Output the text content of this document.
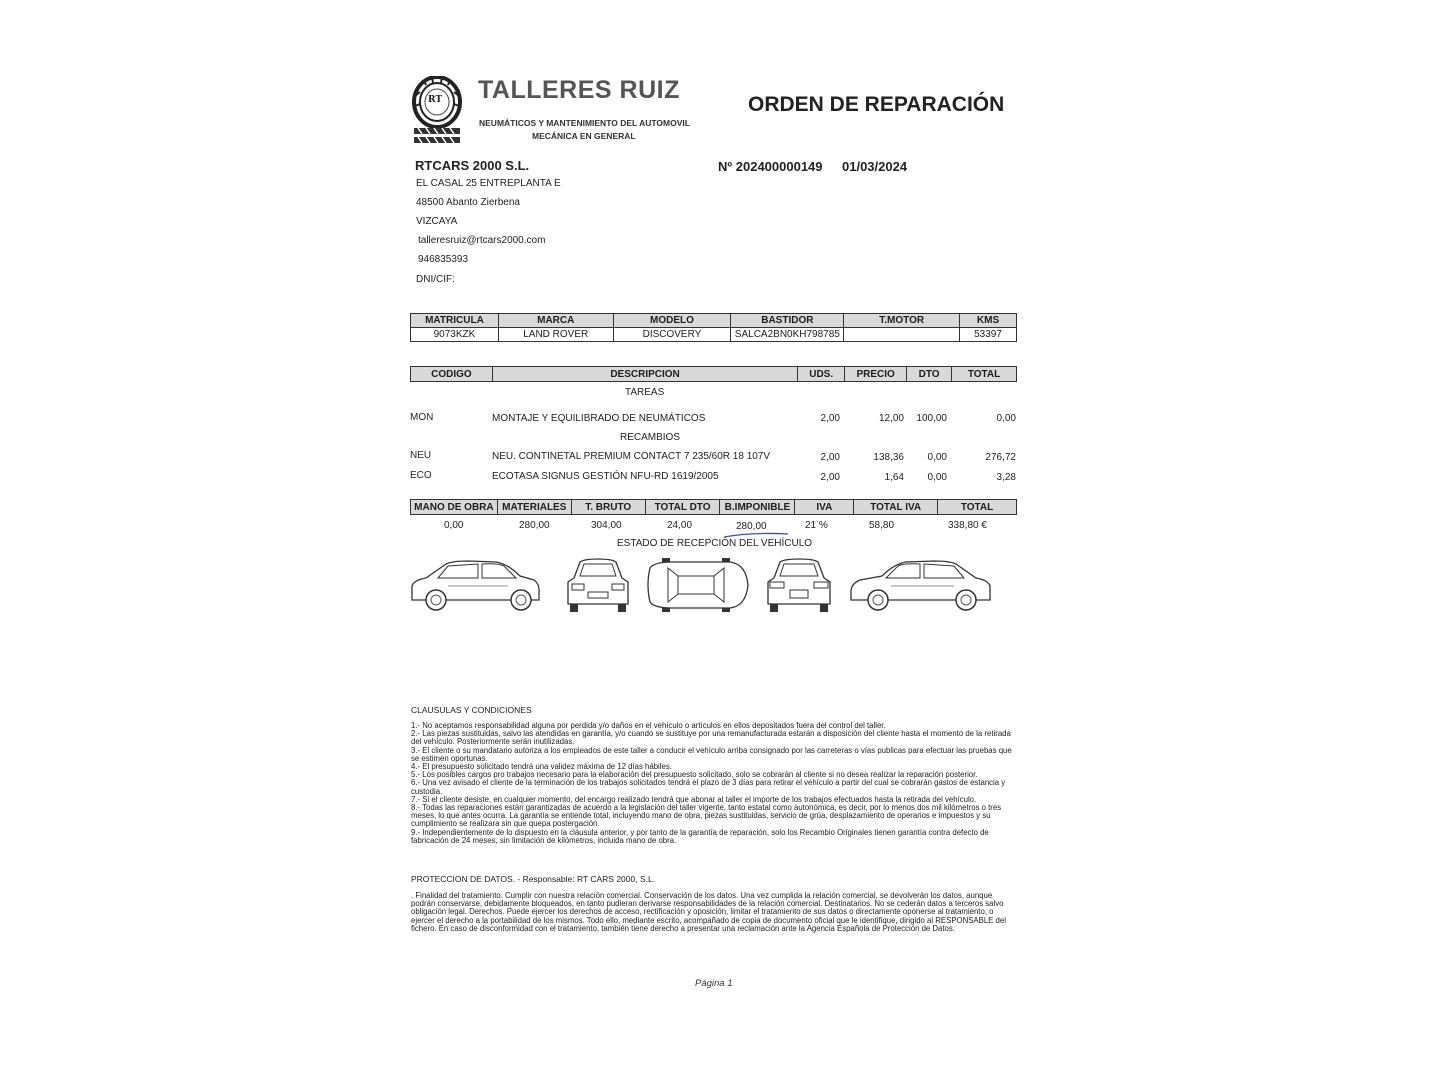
RT TALLERES RUIZ
NEUMÁTICOS Y MANTENIMIENTO DEL AUTOMOVIL
MECÁNICA EN GENERAL
ORDEN DE REPARACIÓN
RTCARS 2000 S.L.	Nº 202400000149 01/03/2024
EL CASAL 25 ENTREPLANTA E
48500 Abanto Zierbena
VIZCAYA
talleresruiz@rtcars2000.com
946835393
DNI/CIF:
MATRICULA	MARCA	MODELO	BASTIDOR	T.MOTOR	KMS
9073KZK	LAND ROVER	DISCOVERY	SALCA2BN0KH798785		53397
CODIGO	DESCRIPCION	UDS.	PRECIO	DTO	TOTAL
TAREAS
MON	MONTAJE Y EQUILIBRADO DE NEUMÁTICOS	2,00	12,00	100,00	0,00
RECAMBIOS
NEU	NEU. CONTINETAL PREMIUM CONTACT 7 235/60R 18 107V	2,00	138,36	0,00	276,72
ECO	ECOTASA SIGNUS GESTIÓN NFU-RD 1619/2005	2,00	1,64	0,00	3,28
MANO DE OBRA	MATERIALES	T. BRUTO	TOTAL DTO	B.IMPONIBLE	IVA	TOTAL IVA	TOTAL
0,00	280,00	304,00	24,00	280,00	21 %	58,80	338,80 €
ESTADO DE RECEPCIÓN DEL VEHÍCULO
CLAUSULAS Y CONDICIONES

1.- No aceptamos responsabilidad alguna por perdida y/o daños en el vehículo o artículos en ellos depositados fuera del control del taller.

2.- Las piezas sustituidas, salvo las atendidas en garantía, y/o cuando se sustituye por una remanufacturada estarán a disposición del cliente hasta el momento de la retirada del vehículo. Posteriormente serán inutilizadas.

3.- El cliente o su mandatario autoriza a los empleados de este taller a conducir el vehículo arriba consignado por las carreteras o vías publicas para efectuar las pruebas que se estimen oportunas.

4.- El presupuesto solicitado tendrá una validez máxima de 12 días hábiles.

5.- Los posibles cargos pro trabajos necesario para la elaboración del presupuesto solicitado, solo se cobrarán al cliente si no desea realizar la reparación posterior.

6.- Una vez avisado el cliente de la terminación de los trabajos solicitados tendrá el plazo de 3 días para retirar el vehículo a partir del cual se cobrarán gastos de estancia y custodia.

7.- Si el cliente desiste, en cualquier momento, del encargo realizado tendrá que abonar al taller el importe de los trabajos efectuados hasta la retirada del vehículo.

8.- Todas las reparaciones están garantizadas de acuerdo a la legislación del taller vigente, tanto estatal como autonómica, es decir, por lo menos dos mil kilómetros o tres meses, lo que antes ocurra. La garantía se entiende total, incluyendo mano de obra, piezas sustituidas, servicio de grúa, desplazamiento de operarios e impuestos y su cumplimiento se realizara sin que quepa postergación.

9.- Independientemente de lo dispuesto en la cláusula anterior, y por tanto de la garantía de reparación, solo los Recambio Originales tienen garantía contra defecto de fabricación de 24 meses, sin limitación de kilómetros, incluida mano de obra.

PROTECCION DE DATOS. - Responsable: RT CARS 2000, S.L.
. Finalidad del tratamiento. Cumplir con nuestra relación comercial. Conservación de los datos. Una vez cumplida la relación comercial, se devolverán los datos, aunque podrán conservarse, debidamente bloqueados, en tanto pudieran derivarse responsabilidades de la relación comercial. Destinatarios. No se cederán datos a terceros salvo obligación legal. Derechos. Puede ejercer los derechos de acceso, rectificación y oposición, limitar el tratamiento de sus datos o directamente oponerse al tratamiento, o ejercer el derecho a la portabilidad de los mismos. Todo ello, mediante escrito, acompañado de copia de documento oficial que le identifique, dirigido al RESPONSABLE del fichero. En caso de disconformidad con el tratamiento, también tiene derecho a presentar una reclamación ante la Agencia Española de Protección de Datos.
Página 1
